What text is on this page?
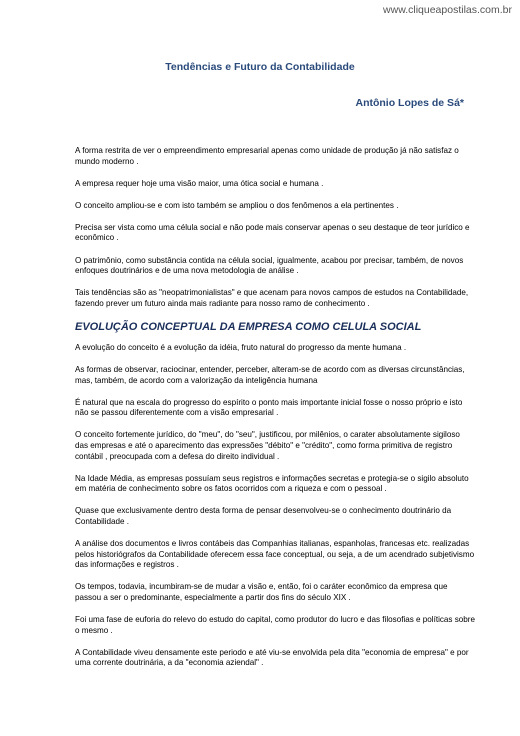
www.cliqueapostilas.com.br
Tendências e Futuro da Contabilidade
Antônio Lopes de Sá*

A forma restrita de ver o empreendimento empresarial apenas como unidade de produção já não satisfaz o mundo moderno .

A empresa requer hoje uma visão maior, uma ótica social e humana .

O conceito ampliou-se e com isto também se ampliou o dos fenômenos a ela pertinentes .

Precisa ser vista como uma célula social e não pode mais conservar apenas o seu destaque de teor jurídico e econômico .

O patrimônio, como substância contida na célula social, igualmente, acabou por precisar, também, de novos enfoques doutrinários e de uma nova metodologia de análise .

Tais tendências são as "neopatrimonialistas" e que acenam para novos campos de estudos na Contabilidade, fazendo prever um futuro ainda mais radiante para nosso ramo de conhecimento .

EVOLUÇÃO CONCEPTUAL DA EMPRESA COMO CELULA SOCIAL

A evolução do conceito é a evolução da idéia, fruto natural do progresso da mente humana .

As formas de observar, raciocinar, entender, perceber, alteram-se de acordo com as diversas circunstâncias, mas, também, de acordo com a valorização da inteligência humana

É natural que na escala do progresso do espírito o ponto mais importante inicial fosse o nosso próprio e isto não se passou diferentemente com a visão empresarial .

O conceito fortemente jurídico, do "meu", do "seu", justificou, por milênios, o carater absolutamente sigiloso das empresas e até o aparecimento das expressões "débito" e "crédito", como forma primitiva de registro contábil , preocupada com a defesa do direito individual .

Na Idade Média, as empresas possuíam seus registros e informações secretas e protegia-se o sigilo absoluto em matéria de conhecimento sobre os fatos ocorridos com a riqueza e com o pessoal .

Quase que exclusivamente dentro desta forma de pensar desenvolveu-se o conhecimento doutrinário da Contabilidade .

A análise dos documentos e livros contábeis das Companhias italianas, espanholas, francesas etc. realizadas pelos historiógrafos da Contabilidade oferecem essa face conceptual, ou seja, a de um acendrado subjetivismo das informações e registros .

Os tempos, todavia, incumbiram-se de mudar a visão e, então, foi o caráter econômico da empresa que passou a ser o predominante, especialmente a partir dos fins do século XIX .

Foi uma fase de euforia do relevo do estudo do capital, como produtor do lucro e das filosofias e políticas sobre o mesmo .

A Contabilidade viveu densamente este periodo e até viu-se envolvida pela dita "economia de empresa" e por uma corrente doutrinária, a da "economia aziendal" .
